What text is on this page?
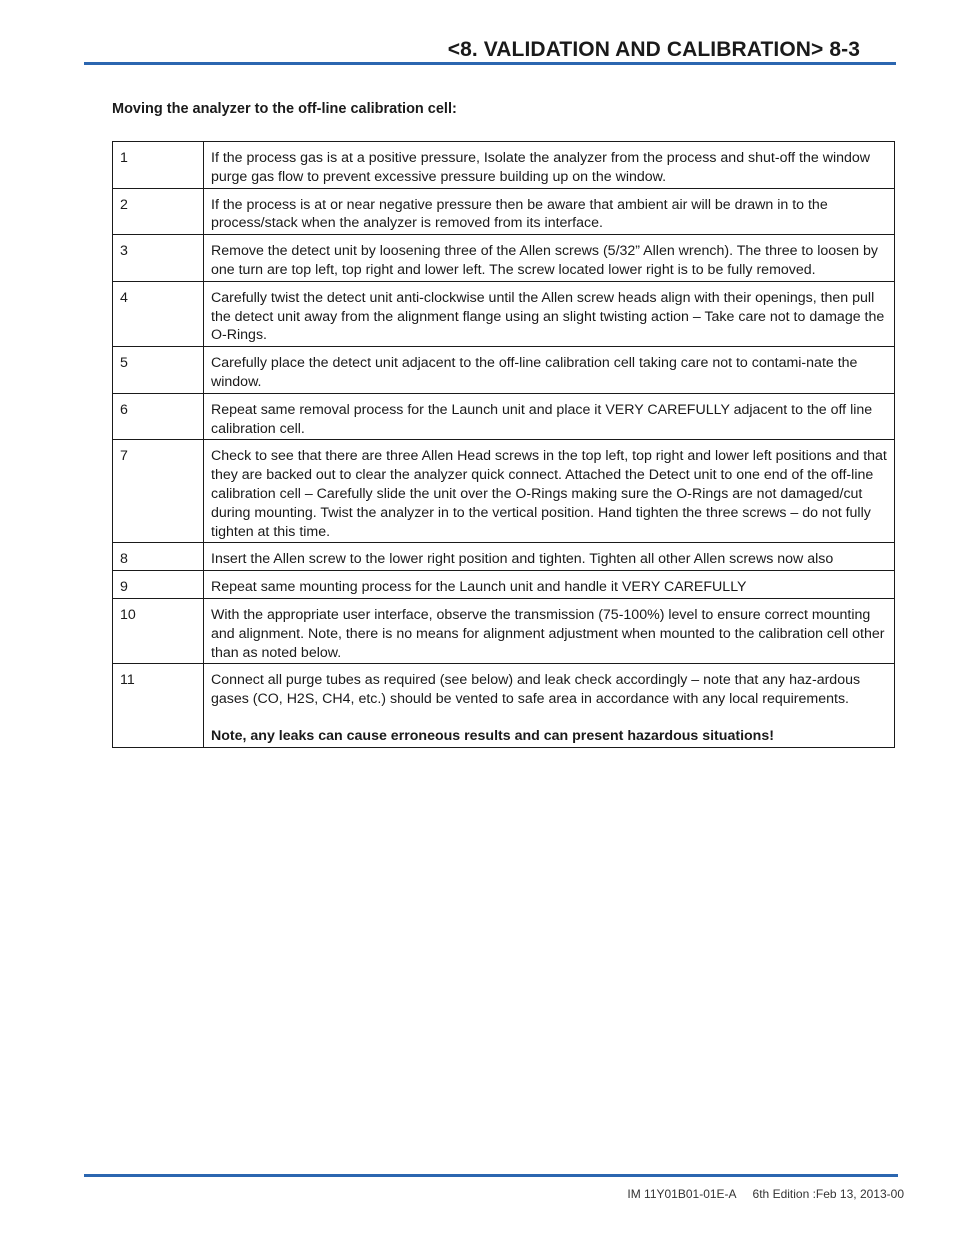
<8. VALIDATION AND CALIBRATION> 8-3
Moving the analyzer to the off-line calibration cell:
1	If the process gas is at a positive pressure, Isolate the analyzer from the process and shut-off the window purge gas flow to prevent excessive pressure building up on the window.
2	If the process is at or near negative pressure then be aware that ambient air will be drawn in to the process/stack when the analyzer is removed from its interface.
3	Remove the detect unit by loosening three of the Allen screws (5/32” Allen wrench). The three to loosen by one turn are top left, top right and lower left. The screw located lower right is to be fully removed.
4	Carefully twist the detect unit anti-clockwise until the Allen screw heads align with their openings, then pull the detect unit away from the alignment flange using an slight twisting action – Take care not to damage the O-Rings.
5	Carefully place the detect unit adjacent to the off-line calibration cell taking care not to contami-nate the window.
6	Repeat same removal process for the Launch unit and place it VERY CAREFULLY adjacent to the off line calibration cell.
7	Check to see that there are three Allen Head screws in the top left, top right and lower left positions and that they are backed out to clear the analyzer quick connect. Attached the Detect unit to one end of the off-line calibration cell – Carefully slide the unit over the O-Rings making sure the O-Rings are not damaged/cut during mounting. Twist the analyzer in to the vertical position. Hand tighten the three screws – do not fully tighten at this time.
8	Insert the Allen screw to the lower right position and tighten. Tighten all other Allen screws now also
9	Repeat same mounting process for the Launch unit and handle it VERY CAREFULLY
10	With the appropriate user interface, observe the transmission (75-100%) level to ensure correct mounting and alignment. Note, there is no means for alignment adjustment when mounted to the calibration cell other than as noted below.
11	Connect all purge tubes as required (see below) and leak check accordingly – note that any haz-ardous gases (CO, H2S, CH4, etc.) should be vented to safe area in accordance with any local requirements.
Note, any leaks can cause erroneous results and can present hazardous situations!
IM 11Y01B01-01E-A 6th Edition :Feb 13, 2013-00
